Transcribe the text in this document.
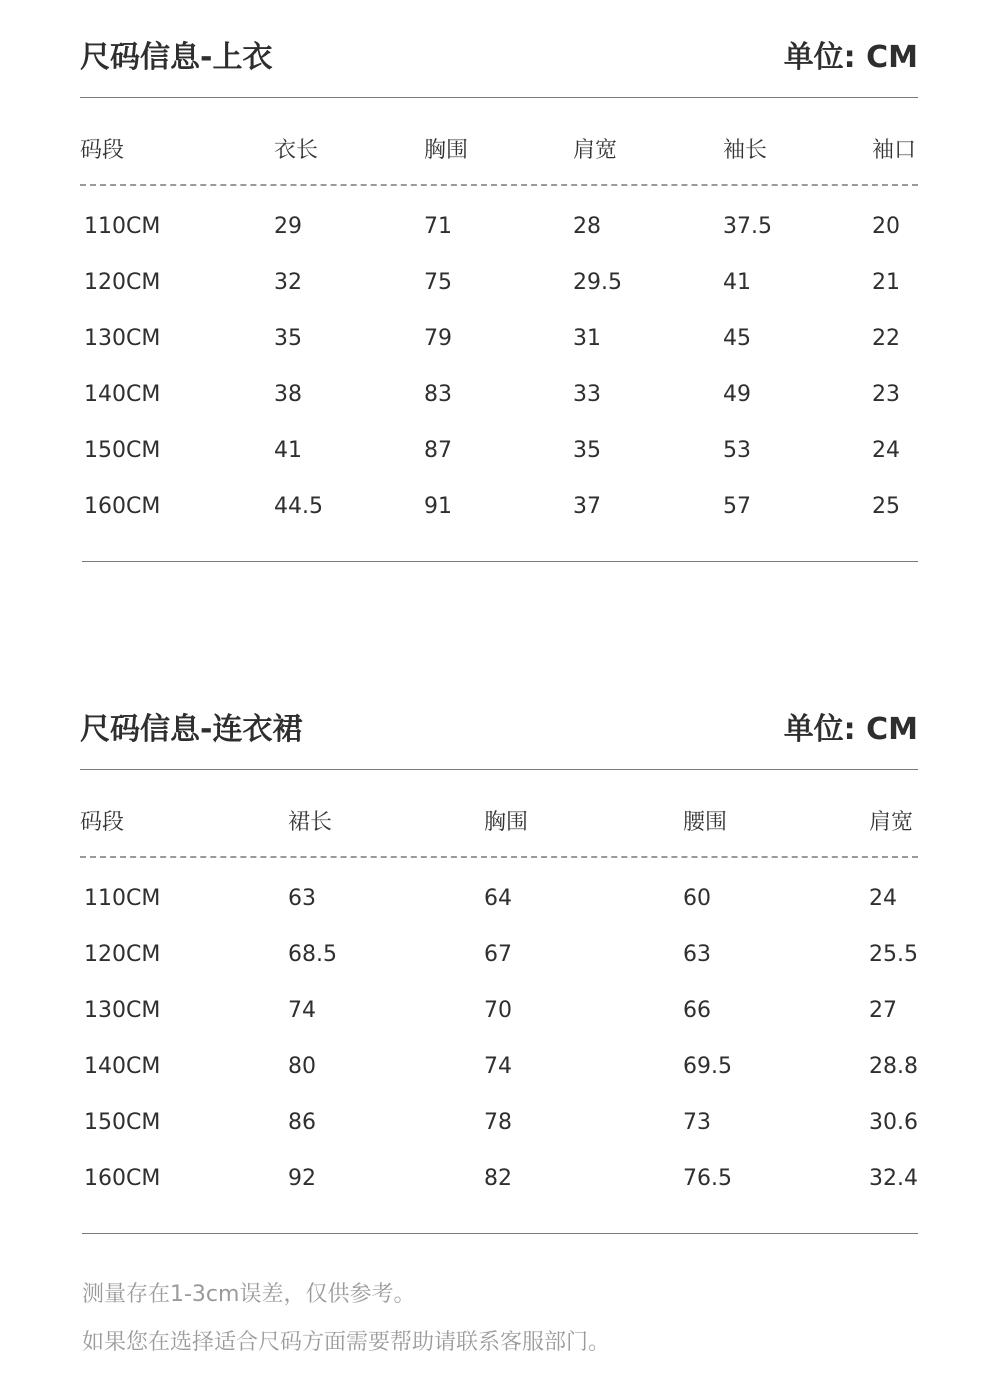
尺码信息-上衣	单位: CM
码段	衣长	胸围	肩宽	袖长	袖口
110CM	29	71	28	37.5	20
120CM	32	75	29.5	41	21
130CM	35	79	31	45	22
140CM	38	83	33	49	23
150CM	41	87	35	53	24
160CM	44.5	91	37	57	25
尺码信息-连衣裙	单位: CM
码段	裙长	胸围	腰围	肩宽
110CM	63	64	60	24
120CM	68.5	67	63	25.5
130CM	74	70	66	27
140CM	80	74	69.5	28.8
150CM	86	78	73	30.6
160CM	92	82	76.5	32.4
测量存在1-3cm误差，仅供参考。
如果您在选择适合尺码方面需要帮助请联系客服部门。
